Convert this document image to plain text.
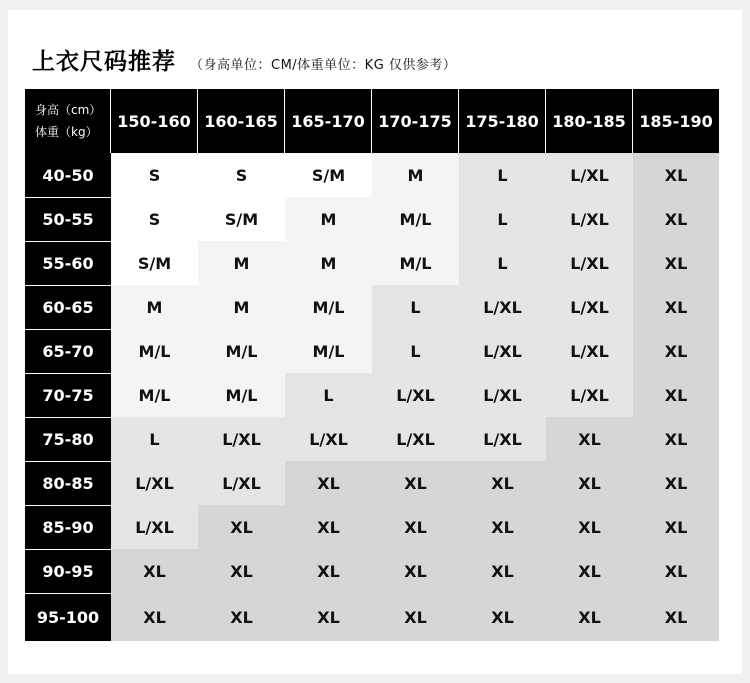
上衣尺码推荐 （身高单位：CM/体重单位：KG 仅供参考）
身高（cm）
体重（kg）	150-160	160-165	165-170	170-175	175-180	180-185	185-190
40-50	S	S	S/M	M	L	L/XL	XL
50-55	S	S/M	M	M/L	L	L/XL	XL
55-60	S/M	M	M	M/L	L	L/XL	XL
60-65	M	M	M/L	L	L/XL	L/XL	XL
65-70	M/L	M/L	M/L	L	L/XL	L/XL	XL
70-75	M/L	M/L	L	L/XL	L/XL	L/XL	XL
75-80	L	L/XL	L/XL	L/XL	L/XL	XL	XL
80-85	L/XL	L/XL	XL	XL	XL	XL	XL
85-90	L/XL	XL	XL	XL	XL	XL	XL
90-95	XL	XL	XL	XL	XL	XL	XL
95-100	XL	XL	XL	XL	XL	XL	XL
